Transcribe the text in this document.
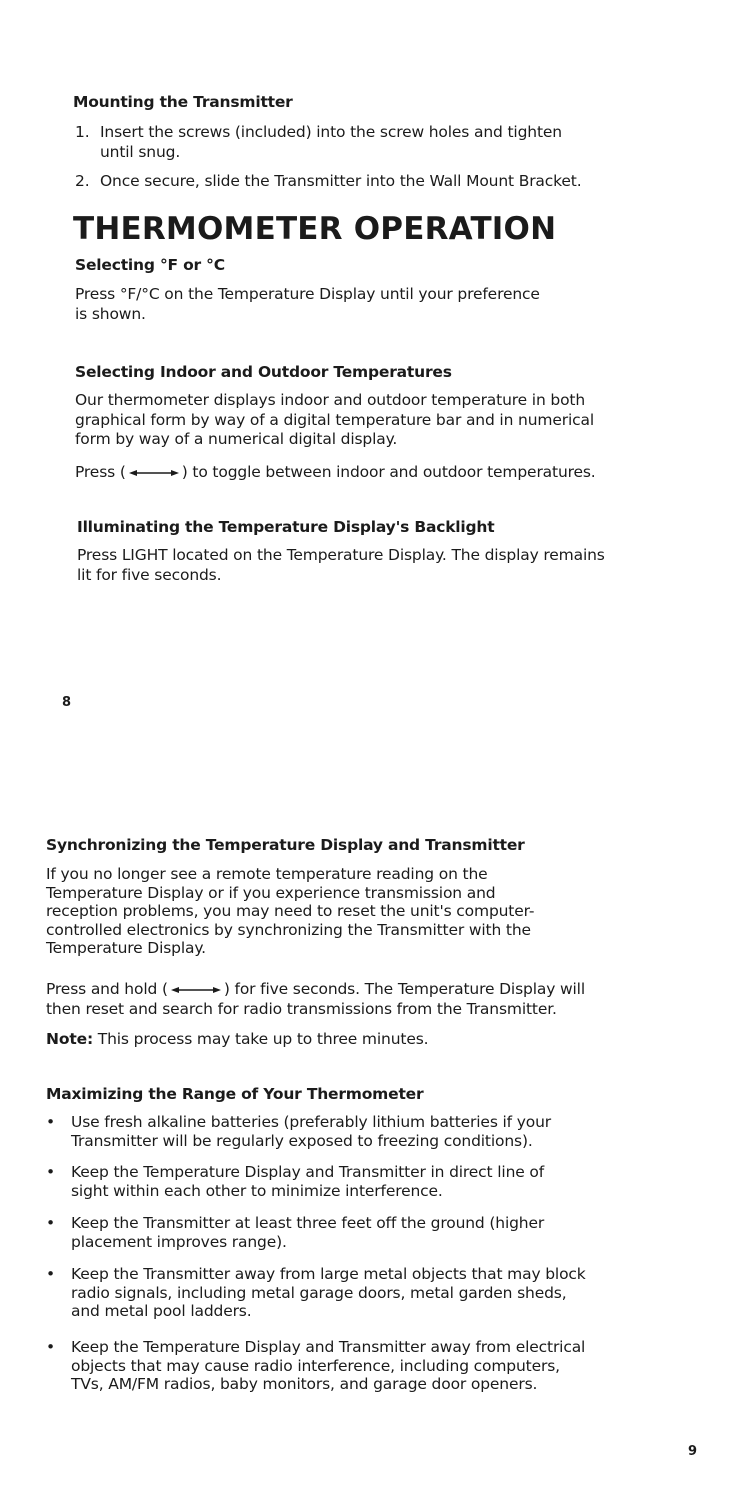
Mounting the Transmitter
1. Insert the screws (included) into the screw holes and tighten
until snug.
2. Once secure, slide the Transmitter into the Wall Mount Bracket.
THERMOMETER OPERATION
Selecting °F or °C
Press °F/°C on the Temperature Display until your preference
is shown.
Selecting Indoor and Outdoor Temperatures
Our thermometer displays indoor and outdoor temperature in both
graphical form by way of a digital temperature bar and in numerical
form by way of a numerical digital display.
Press (	) to toggle between indoor and outdoor temperatures.
Illuminating the Temperature Display's Backlight
Press LIGHT located on the Temperature Display. The display remains
lit for five seconds.
8
Synchronizing the Temperature Display and Transmitter
If you no longer see a remote temperature reading on the
Temperature Display or if you experience transmission and
reception problems, you may need to reset the unit's computer-
controlled electronics by synchronizing the Transmitter with the
Temperature Display.
Press and hold (	) for five seconds. The Temperature Display will
then reset and search for radio transmissions from the Transmitter.
Note: This process may take up to three minutes.
Maximizing the Range of Your Thermometer
• Use fresh alkaline batteries (preferably lithium batteries if your
Transmitter will be regularly exposed to freezing conditions).
• Keep the Temperature Display and Transmitter in direct line of
sight within each other to minimize interference.
• Keep the Transmitter at least three feet off the ground (higher
placement improves range).
• Keep the Transmitter away from large metal objects that may block
radio signals, including metal garage doors, metal garden sheds,
and metal pool ladders.
• Keep the Temperature Display and Transmitter away from electrical
objects that may cause radio interference, including computers,
TVs, AM/FM radios, baby monitors, and garage door openers.
9
